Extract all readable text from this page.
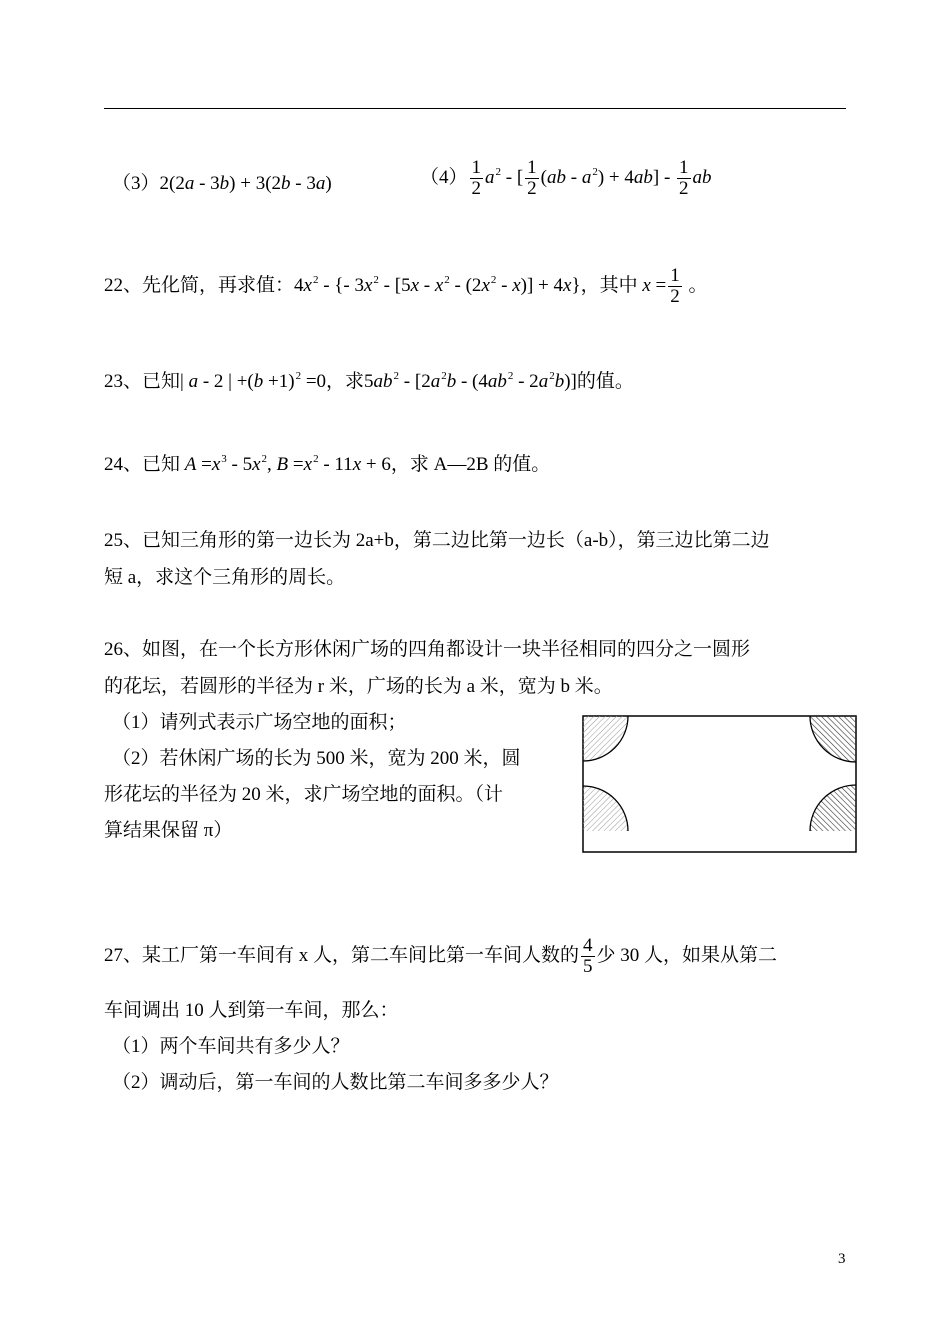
（3）2(2a - 3b) + 3(2b - 3a)	$(4) \frac{1}{2} a^2$ - [ $\frac{1}{2} (ab - a^2) + 4ab] - \frac{1}{2}$ ab
22、先化简，再求值：$4x^2$ - {- $3x^2 - [5x - x^2 - (2x^2 - x)] + 4x$}，其中 $x = \frac{1}{2}$ 。
23、已知| a - 2 | $+(b +1)^2 =0$，求$5ab^2 - [2a^2b - (4ab^2 - 2a^2b)]$的值。
24、已知 $A =x^3 - 5x^2$, $B =x^2 - 11x + 6$，求 A—2B 的值。
25、已知三角形的第一边长为 2a+b，第二边比第一边长（a-b），第三边比第二边
短 a，求这个三角形的周长。
26、如图，在一个长方形休闲广场的四角都设计一块半径相同的四分之一圆形
的花坛，若圆形的半径为 r 米，广场的长为 a 米，宽为 b 米。
（1）请列式表示广场空地的面积；
（2）若休闲广场的长为 500 米，宽为 200 米，圆
形花坛的半径为 20 米，求广场空地的面积。（计
算结果保留 π）
27、某工厂第一车间有 x 人，第二车间比第一车间人数的 $\frac{4}{5}$ 少 30 人，如果从第二
车间调出 10 人到第一车间，那么：
（1）两个车间共有多少人？
（2）调动后，第一车间的人数比第二车间多多少人？
3
